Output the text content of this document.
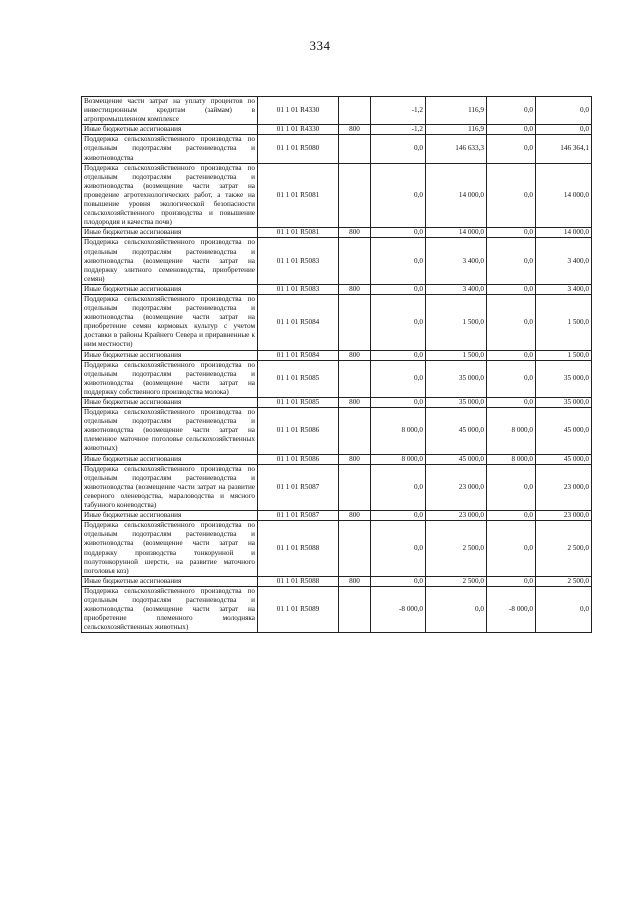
334
Возмещение части затрат на уплату процентов по инвестиционным кредитам (займам) в агропромышленном комплексе	01 1 01 R4330		-1,2	116,9	0,0	0,0
Иные бюджетные ассигнования	01 1 01 R4330	800	-1,2	116,9	0,0	0,0
Поддержка сельскохозяйственного производства по отдельным подотраслям растениеводства и животноводства	01 1 01 R5080		0,0	146 633,3	0,0	146 364,1
Поддержка сельскохозяйственного производства по отдельным подотраслям растениеводства и животноводства (возмещение части затрат на проведение агротехнологических работ, а также на повышение уровня экологической безопасности сельскохозяйственного производства и повышение плодородия и качества почв)	01 1 01 R5081		0,0	14 000,0	0,0	14 000,0
Иные бюджетные ассигнования	01 1 01 R5081	800	0,0	14 000,0	0,0	14 000,0
Поддержка сельскохозяйственного производства по отдельным подотраслям растениеводства и животноводства (возмещение части затрат на поддержку элитного семеноводства, приобретение семян)	01 1 01 R5083		0,0	3 400,0	0,0	3 400,0
Иные бюджетные ассигнования	01 1 01 R5083	800	0,0	3 400,0	0,0	3 400,0
Поддержка сельскохозяйственного производства по отдельным подотраслям растениеводства и животноводства (возмещение части затрат на приобретение семян кормовых культур с учетом доставки в районы Крайнего Севера и приравненные к ним местности)	01 1 01 R5084		0,0	1 500,0	0,0	1 500,0
Иные бюджетные ассигнования	01 1 01 R5084	800	0,0	1 500,0	0,0	1 500,0
Поддержка сельскохозяйственного производства по отдельным подотраслям растениеводства и животноводства (возмещение части затрат на поддержку собственного производства молока)	01 1 01 R5085		0,0	35 000,0	0,0	35 000,0
Иные бюджетные ассигнования	01 1 01 R5085	800	0,0	35 000,0	0,0	35 000,0
Поддержка сельскохозяйственного производства по отдельным подотраслям растениеводства и животноводства (возмещение части затрат на племенное маточное поголовье сельскохозяйственных животных)	01 1 01 R5086		8 000,0	45 000,0	8 000,0	45 000,0
Иные бюджетные ассигнования	01 1 01 R5086	800	8 000,0	45 000,0	8 000,0	45 000,0
Поддержка сельскохозяйственного производства по отдельным подотраслям растениеводства и животноводства (возмещение части затрат на развитие северного оленеводства, мараловодства и мясного табунного коневодства)	01 1 01 R5087		0,0	23 000,0	0,0	23 000,0
Иные бюджетные ассигнования	01 1 01 R5087	800	0,0	23 000,0	0,0	23 000,0
Поддержка сельскохозяйственного производства по отдельным подотраслям растениеводства и животноводства (возмещение части затрат на поддержку производства тонкорунной и полутонкорунной шерсти, на развитие маточного поголовья коз)	01 1 01 R5088		0,0	2 500,0	0,0	2 500,0
Иные бюджетные ассигнования	01 1 01 R5088	800	0,0	2 500,0	0,0	2 500,0
Поддержка сельскохозяйственного производства по отдельным подотраслям растениеводства и животноводства (возмещение части затрат на приобретение племенного молодняка сельскохозяйственных животных)	01 1 01 R5089		-8 000,0	0,0	-8 000,0	0,0
